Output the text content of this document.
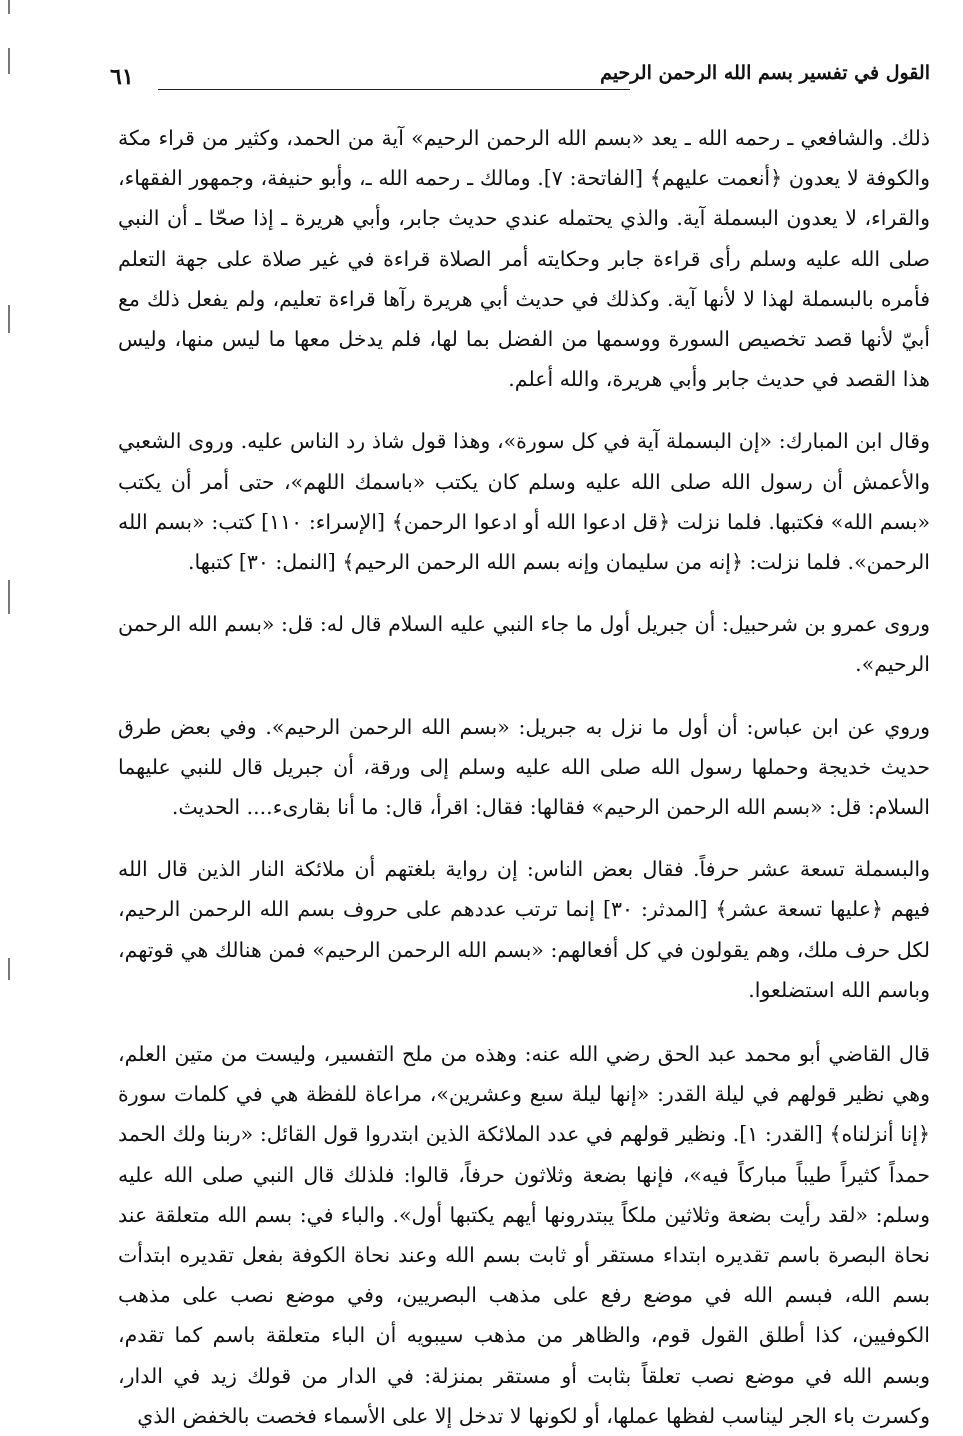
القول في تفسير بسم الله الرحمن الرحيم
٦١

ذلك. والشافعي ـ رحمه الله ـ يعد «بسم الله الرحمن الرحيم» آية من الحمد، وكثير من قراء مكة والكوفة لا يعدون ﴿أنعمت عليهم﴾ [الفاتحة: ٧]. ومالك ـ رحمه الله ـ، وأبو حنيفة، وجمهور الفقهاء، والقراء، لا يعدون البسملة آية. والذي يحتمله عندي حديث جابر، وأبي هريرة ـ إذا صحّا ـ أن النبي صلى الله عليه وسلم رأى قراءة جابر وحكايته أمر الصلاة قراءة في غير صلاة على جهة التعلم فأمره بالبسملة لهذا لا لأنها آية. وكذلك في حديث أبي هريرة رآها قراءة تعليم، ولم يفعل ذلك مع أبيّ لأنها قصد تخصيص السورة ووسمها من الفضل بما لها، فلم يدخل معها ما ليس منها، وليس هذا القصد في حديث جابر وأبي هريرة، والله أعلم.

وقال ابن المبارك: «إن البسملة آية في كل سورة»، وهذا قول شاذ رد الناس عليه. وروى الشعبي والأعمش أن رسول الله صلى الله عليه وسلم كان يكتب «باسمك اللهم»، حتى أمر أن يكتب «بسم الله» فكتبها. فلما نزلت ﴿قل ادعوا الله أو ادعوا الرحمن﴾ [الإسراء: ١١٠] كتب: «بسم الله الرحمن». فلما نزلت: ﴿إنه من سليمان وإنه بسم الله الرحمن الرحيم﴾ [النمل: ٣٠] كتبها.

وروى عمرو بن شرحبيل: أن جبريل أول ما جاء النبي عليه السلام قال له: قل: «بسم الله الرحمن الرحيم».

وروي عن ابن عباس: أن أول ما نزل به جبريل: «بسم الله الرحمن الرحيم». وفي بعض طرق حديث خديجة وحملها رسول الله صلى الله عليه وسلم إلى ورقة، أن جبريل قال للنبي عليهما السلام: قل: «بسم الله الرحمن الرحيم» فقالها: فقال: اقرأ، قال: ما أنا بقارىء.... الحديث.

والبسملة تسعة عشر حرفاً. فقال بعض الناس: إن رواية بلغتهم أن ملائكة النار الذين قال الله فيهم ﴿عليها تسعة عشر﴾ [المدثر: ٣٠] إنما ترتب عددهم على حروف بسم الله الرحمن الرحيم، لكل حرف ملك، وهم يقولون في كل أفعالهم: «بسم الله الرحمن الرحيم» فمن هنالك هي قوتهم، وباسم الله استضلعوا.

قال القاضي أبو محمد عبد الحق رضي الله عنه: وهذه من ملح التفسير، وليست من متين العلم، وهي نظير قولهم في ليلة القدر: «إنها ليلة سبع وعشرين»، مراعاة للفظة هي في كلمات سورة ﴿إنا أنزلناه﴾ [القدر: ١]. ونظير قولهم في عدد الملائكة الذين ابتدروا قول القائل: «ربنا ولك الحمد حمداً كثيراً طيباً مباركاً فيه»، فإنها بضعة وثلاثون حرفاً، قالوا: فلذلك قال النبي صلى الله عليه وسلم: «لقد رأيت بضعة وثلاثين ملكاً يبتدرونها أيهم يكتبها أول». والباء في: بسم الله متعلقة عند نحاة البصرة باسم تقديره ابتداء مستقر أو ثابت بسم الله وعند نحاة الكوفة بفعل تقديره ابتدأت بسم الله، فبسم الله في موضع رفع على مذهب البصريين، وفي موضع نصب على مذهب الكوفيين، كذا أطلق القول قوم، والظاهر من مذهب سيبويه أن الباء متعلقة باسم كما تقدم، وبسم الله في موضع نصب تعلقاً بثابت أو مستقر بمنزلة: في الدار من قولك زيد في الدار، وكسرت باء الجر ليناسب لفظها عملها، أو لكونها لا تدخل إلا على الأسماء فخصت بالخفض الذي
